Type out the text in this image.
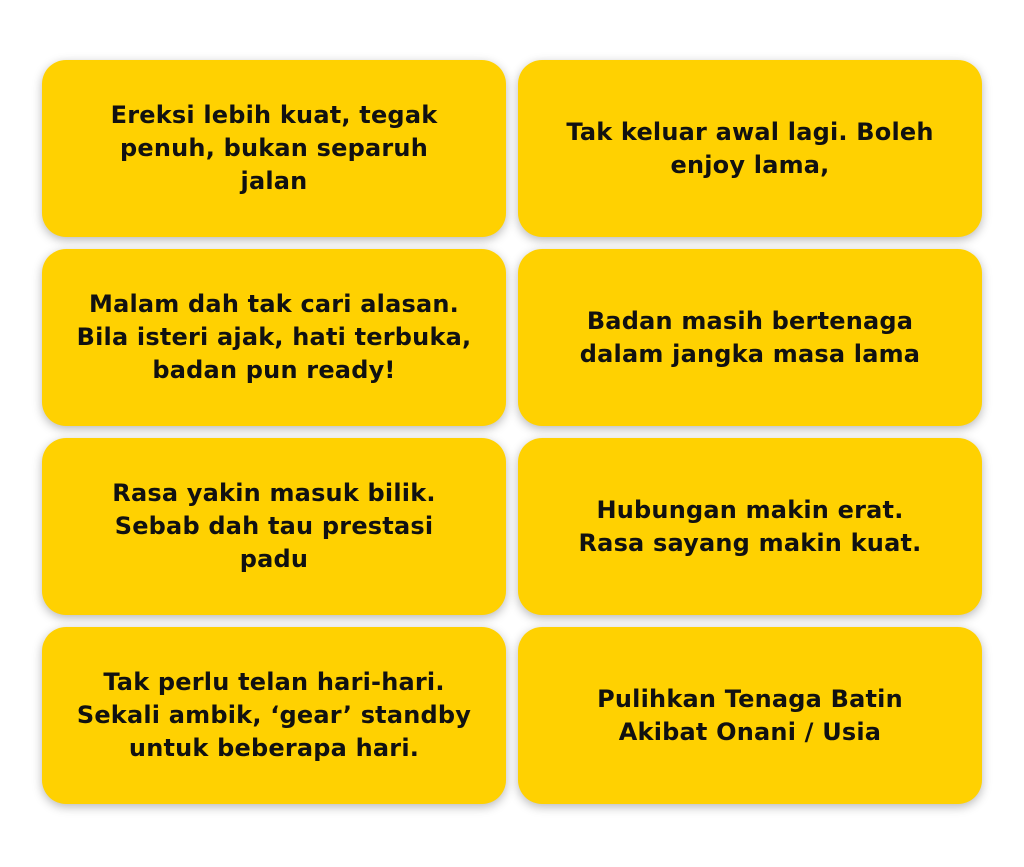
Ereksi lebih kuat, tegak
penuh, bukan separuh
jalan
Tak keluar awal lagi. Boleh
enjoy lama,
Malam dah tak cari alasan.
Bila isteri ajak, hati terbuka,
badan pun ready!
Badan masih bertenaga
dalam jangka masa lama
Rasa yakin masuk bilik.
Sebab dah tau prestasi
padu
Hubungan makin erat.
Rasa sayang makin kuat.
Tak perlu telan hari-hari.
Sekali ambik, ‘gear’ standby
untuk beberapa hari.
Pulihkan Tenaga Batin
Akibat Onani / Usia
